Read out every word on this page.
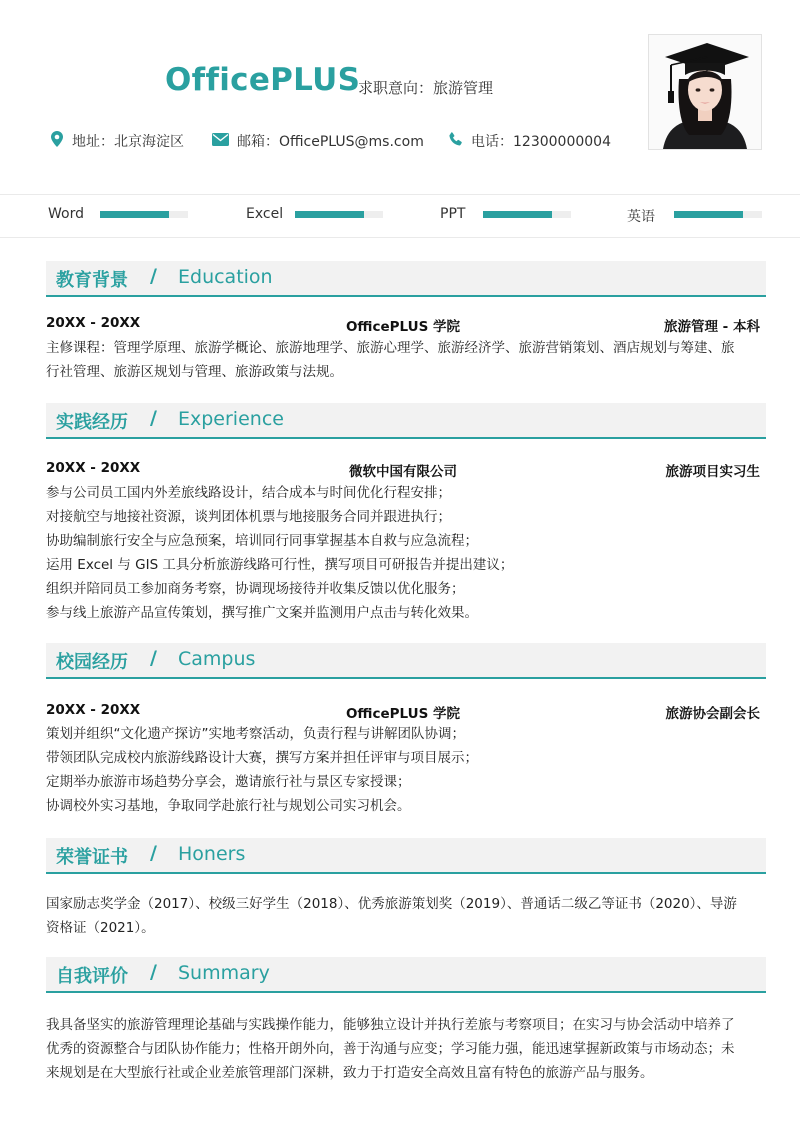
OfficePLUS
求职意向：旅游管理
地址：北京海淀区	邮箱：OfficePLUS@ms.com	电话：12300000004
Word	Excel	PPT	英语
教育背景 / Education
20XX - 20XX	OfficePLUS 学院	旅游管理 - 本科
主修课程：管理学原理、旅游学概论、旅游地理学、旅游心理学、旅游经济学、旅游营销策划、酒店规划与筹建、旅
行社管理、旅游区规划与管理、旅游政策与法规。
实践经历 / Experience
20XX - 20XX	微软中国有限公司	旅游项目实习生
参与公司员工国内外差旅线路设计，结合成本与时间优化行程安排；
对接航空与地接社资源，谈判团体机票与地接服务合同并跟进执行；
协助编制旅行安全与应急预案，培训同行同事掌握基本自救与应急流程；
运用 Excel 与 GIS 工具分析旅游线路可行性，撰写项目可研报告并提出建议；
组织并陪同员工参加商务考察，协调现场接待并收集反馈以优化服务；
参与线上旅游产品宣传策划，撰写推广文案并监测用户点击与转化效果。
校园经历 / Campus
20XX - 20XX	OfficePLUS 学院	旅游协会副会长
策划并组织“文化遗产探访”实地考察活动，负责行程与讲解团队协调；
带领团队完成校内旅游线路设计大赛，撰写方案并担任评审与项目展示；
定期举办旅游市场趋势分享会，邀请旅行社与景区专家授课；
协调校外实习基地，争取同学赴旅行社与规划公司实习机会。
荣誉证书 / Honers
国家励志奖学金（2017）、校级三好学生（2018）、优秀旅游策划奖（2019）、普通话二级乙等证书（2020）、导游
资格证（2021）。
自我评价 / Summary
我具备坚实的旅游管理理论基础与实践操作能力，能够独立设计并执行差旅与考察项目；在实习与协会活动中培养了
优秀的资源整合与团队协作能力；性格开朗外向，善于沟通与应变；学习能力强，能迅速掌握新政策与市场动态；未
来规划是在大型旅行社或企业差旅管理部门深耕，致力于打造安全高效且富有特色的旅游产品与服务。
